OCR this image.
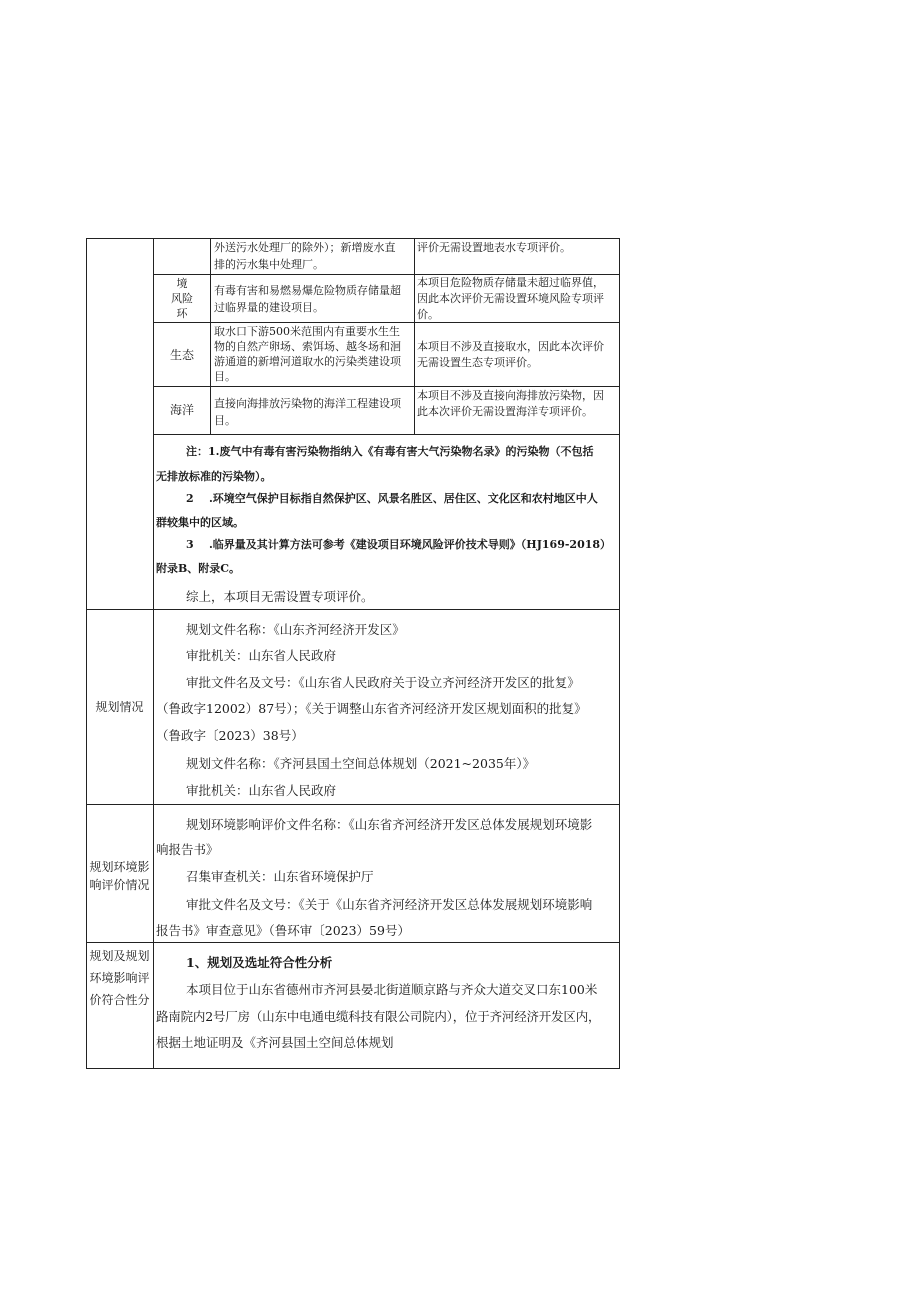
外送污水处理厂的除外）；新增废水直
排的污水集中处理厂。
评价无需设置地表水专项评价。
境
风险
环
有毒有害和易燃易爆危险物质存储量超
过临界量的建设项目。
本项目危险物质存储量未超过临界值，
因此本次评价无需设置环境风险专项评
价。
生态
取水口下游500米范围内有重要水生生
物的自然产卵场、索饵场、越冬场和洄
游通道的新增河道取水的污染类建设项
目。
本项目不涉及直接取水，因此本次评价
无需设置生态专项评价。
海洋	直接向海排放污染物的海洋工程建设项
目。
本项目不涉及直接向海排放污染物，因
此本次评价无需设置海洋专项评价。
注：1.废气中有毒有害污染物指纳入《有毒有害大气污染物名录》的污染物（不包括
无排放标准的污染物）。
2    .环境空气保护目标指自然保护区、风景名胜区、居住区、文化区和农村地区中人
群较集中的区域。
3    .临界量及其计算方法可参考《建设项目环境风险评价技术导则》（HJ169-2018）
附录B、附录C。
综上，本项目无需设置专项评价。
规划情况
规划文件名称：《山东齐河经济开发区》
审批机关：山东省人民政府
审批文件名及文号：《山东省人民政府关于设立齐河经济开发区的批复》
（鲁政字12002）87号）；《关于调整山东省齐河经济开发区规划面积的批复》
（鲁政字〔2023）38号）
规划文件名称：《齐河县国土空间总体规划（2021~2035年）》
审批机关：山东省人民政府
规划环境影
响评价情况
规划环境影响评价文件名称：《山东省齐河经济开发区总体发展规划环境影
响报告书》
召集审查机关：山东省环境保护厅
审批文件名及文号：《关于《山东省齐河经济开发区总体发展规划环境影响
报告书》审查意见》（鲁环审〔2023）59号）
规划及规划
环境影响评
价符合性分
1、规划及选址符合性分析
本项目位于山东省德州市齐河县晏北街道顺京路与齐众大道交叉口东100米
路南院内2号厂房（山东中电通电缆科技有限公司院内），位于齐河经济开发区内，
根据土地证明及《齐河县国土空间总体规划
